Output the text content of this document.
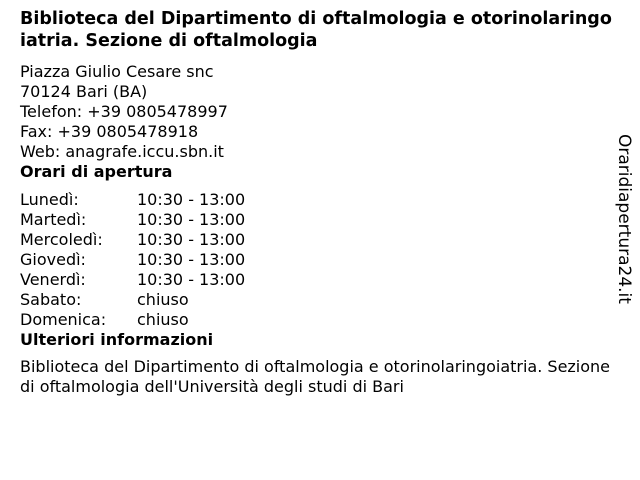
Biblioteca del Dipartimento di oftalmologia e otorinolaringoiatria. Sezione di oftalmologia
Piazza Giulio Cesare snc
70124 Bari (BA)
Telefon: +39 0805478997
Fax: +39 0805478918
Web: anagrafe.iccu.sbn.it
Orari di apertura
Lunedì:	10:30 - 13:00
Martedì:	10:30 - 13:00
Mercoledì:	10:30 - 13:00
Giovedì:	10:30 - 13:00
Venerdì:	10:30 - 13:00
Sabato:	chiuso
Domenica:	chiuso
Ulteriori informazioni
Biblioteca del Dipartimento di oftalmologia e otorinolaringoiatria. Sezione di oftalmologia dell'Università degli studi di Bari
Oraridiapertura24.it
